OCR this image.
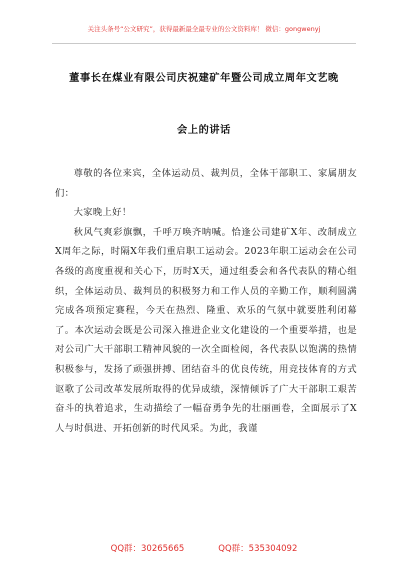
关注头条号“公文研究”，获得最新最全最专业的公文资料库！ 微信：gongwenyj
董事长在煤业有限公司庆祝建矿年暨公司成立周年文艺晚
会上的讲话

尊敬的各位来宾，全体运动员、裁判员，全体干部职工、家属朋友们：

大家晚上好！

秋风气爽彩旗飘，千呼万唤齐呐喊。恰逢公司建矿X年、改制成立X周年之际，时隔X年我们重启职工运动会。2023年职工运动会在公司各级的高度重视和关心下，历时X天，通过组委会和各代表队的精心组织，全体运动员、裁判员的积极努力和工作人员的辛勤工作，顺利圆满完成各项预定赛程，今天在热烈、隆重、欢乐的气氛中就要胜利闭幕了。本次运动会既是公司深入推进企业文化建设的一个重要举措，也是对公司广大干部职工精神风貌的一次全面检阅，各代表队以饱满的热情积极参与，发扬了顽强拼搏、团结奋斗的优良传统，用竞技体育的方式讴歌了公司改革发展所取得的优异成绩，深情倾诉了广大干部职工艰苦奋斗的执着追求，生动描绘了一幅奋勇争先的壮丽画卷，全面展示了X人与时俱进、开拓创新的时代风采。为此，我谨

QQ群：30265665	QQ群：535304092
